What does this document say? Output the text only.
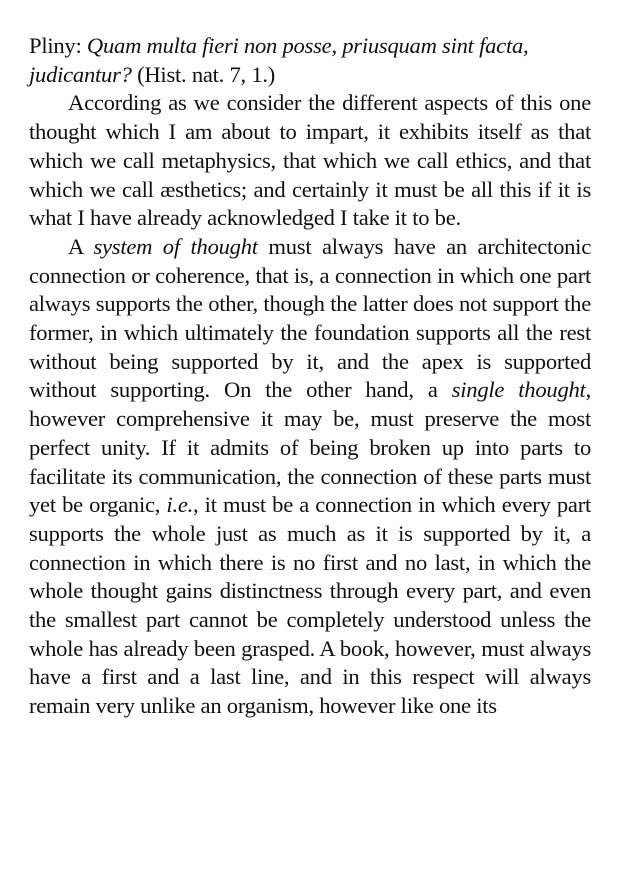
Pliny: Quam multa fieri non posse, priusquam sint facta, judicantur? (Hist. nat. 7, 1.)

According as we consider the different aspects of this one thought which I am about to impart, it exhibits itself as that which we call metaphysics, that which we call ethics, and that which we call æsthetics; and certainly it must be all this if it is what I have already acknowledged I take it to be.

A system of thought must always have an architectonic connection or coherence, that is, a connection in which one part always supports the other, though the latter does not support the former, in which ultimately the foundation supports all the rest without being supported by it, and the apex is supported without supporting. On the other hand, a single thought, however comprehensive it may be, must preserve the most perfect unity. If it admits of being broken up into parts to facilitate its communication, the connection of these parts must yet be organic, i.e., it must be a connection in which every part supports the whole just as much as it is supported by it, a connection in which there is no first and no last, in which the whole thought gains distinctness through every part, and even the smallest part cannot be completely understood unless the whole has already been grasped. A book, however, must always have a first and a last line, and in this respect will always remain very unlike an organism, however like one its
